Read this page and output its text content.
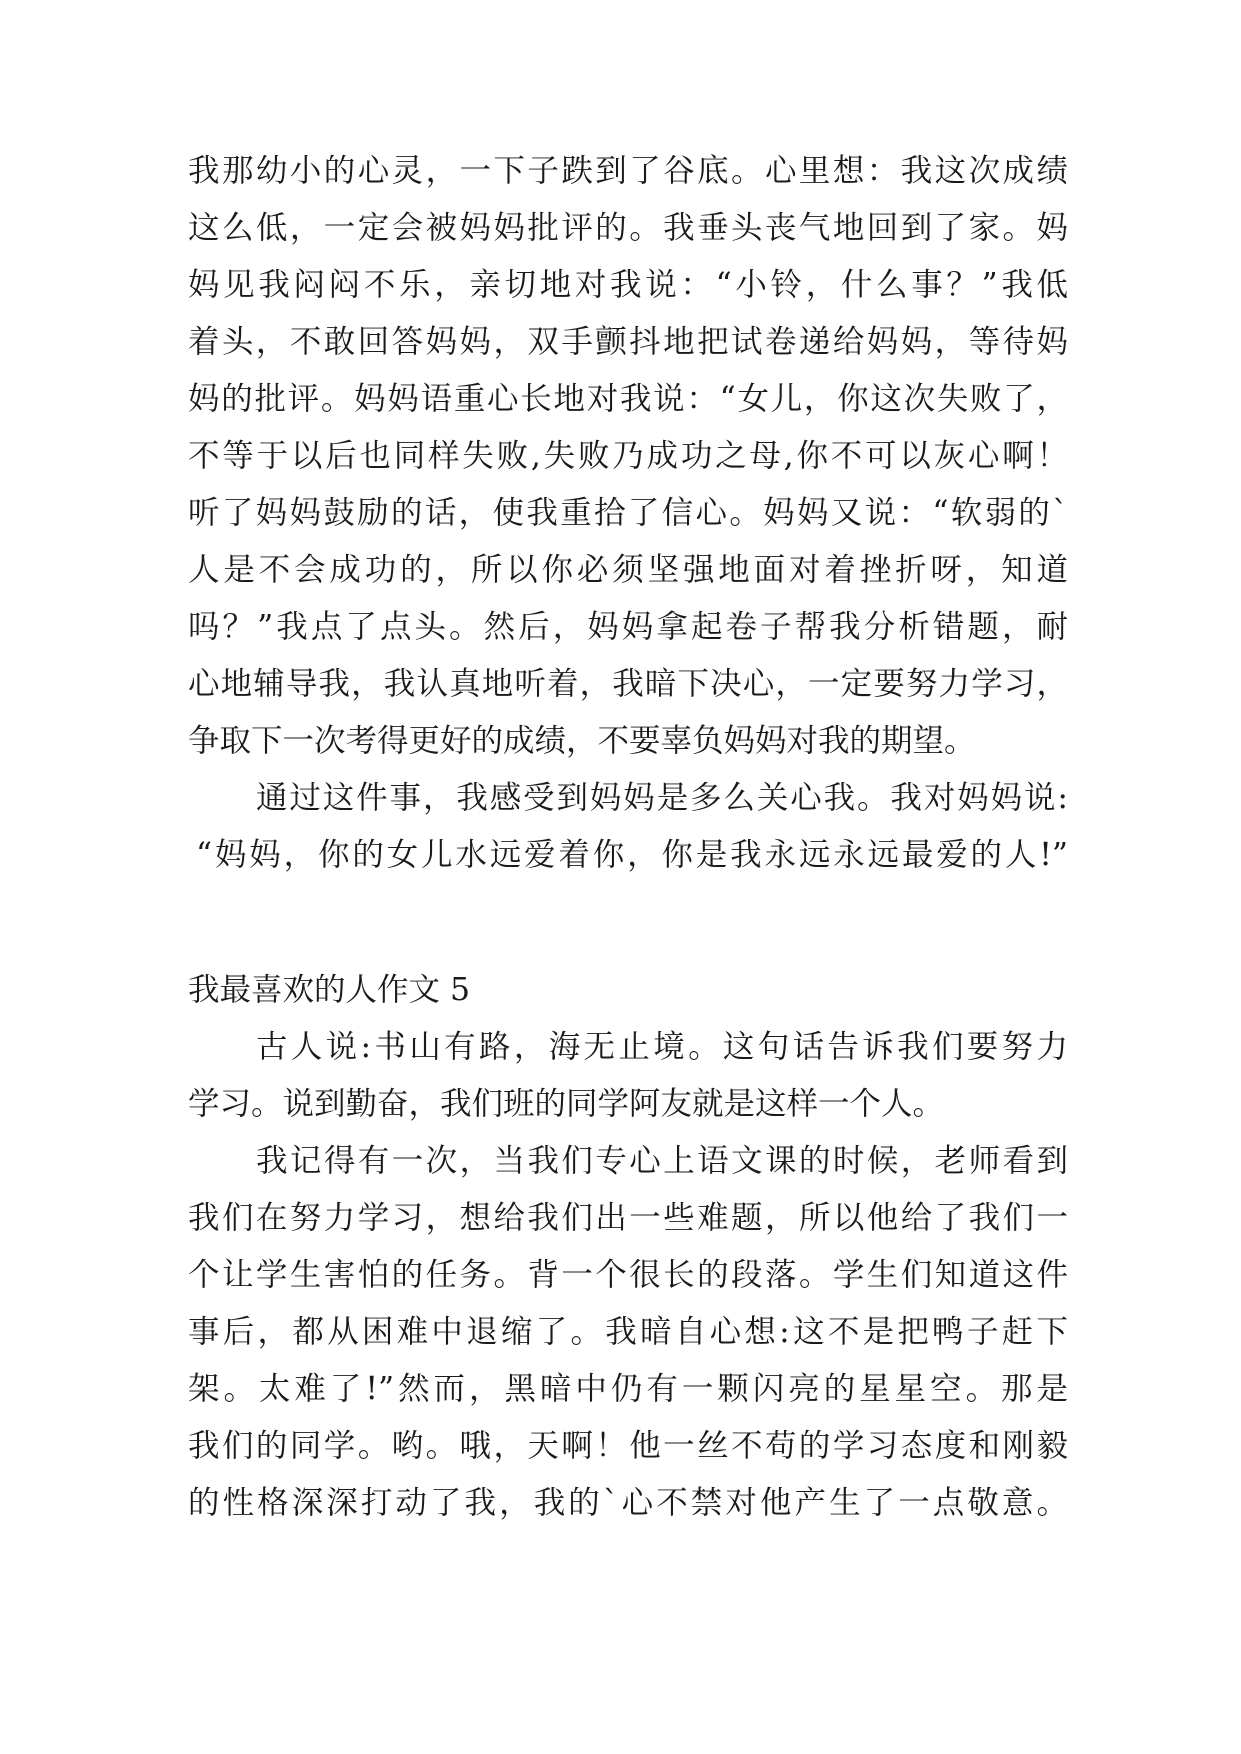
我那幼小的心灵，一下子跌到了谷底。心里想：我这次成绩
这么低，一定会被妈妈批评的。我垂头丧气地回到了家。妈
妈见我闷闷不乐，亲切地对我说：“小铃，什么事？”我低
着头，不敢回答妈妈，双手颤抖地把试卷递给妈妈，等待妈
妈的批评。妈妈语重心长地对我说：“女儿，你这次失败了，
不等于以后也同样失败,失败乃成功之母,你不可以灰心啊！
听了妈妈鼓励的话，使我重拾了信心。妈妈又说：“软弱的`
人是不会成功的，所以你必须坚强地面对着挫折呀，知道
吗？”我点了点头。然后，妈妈拿起卷子帮我分析错题，耐
心地辅导我，我认真地听着，我暗下决心，一定要努力学习，
争取下一次考得更好的成绩，不要辜负妈妈对我的期望。
通过这件事，我感受到妈妈是多么关心我。我对妈妈说:
“妈妈，你的女儿水远爱着你，你是我永远永远最爱的人!”
我最喜欢的人作文 5
古人说:书山有路，海无止境。这句话告诉我们要努力
学习。说到勤奋，我们班的同学阿友就是这样一个人。
我记得有一次，当我们专心上语文课的时候，老师看到
我们在努力学习，想给我们出一些难题，所以他给了我们一
个让学生害怕的任务。背一个很长的段落。学生们知道这件
事后，都从困难中退缩了。我暗自心想:这不是把鸭子赶下
架。太难了!”然而，黑暗中仍有一颗闪亮的星星空。那是
我们的同学。哟。哦，天啊！他一丝不苟的学习态度和刚毅
的性格深深打动了我，我的`心不禁对他产生了一点敬意。
